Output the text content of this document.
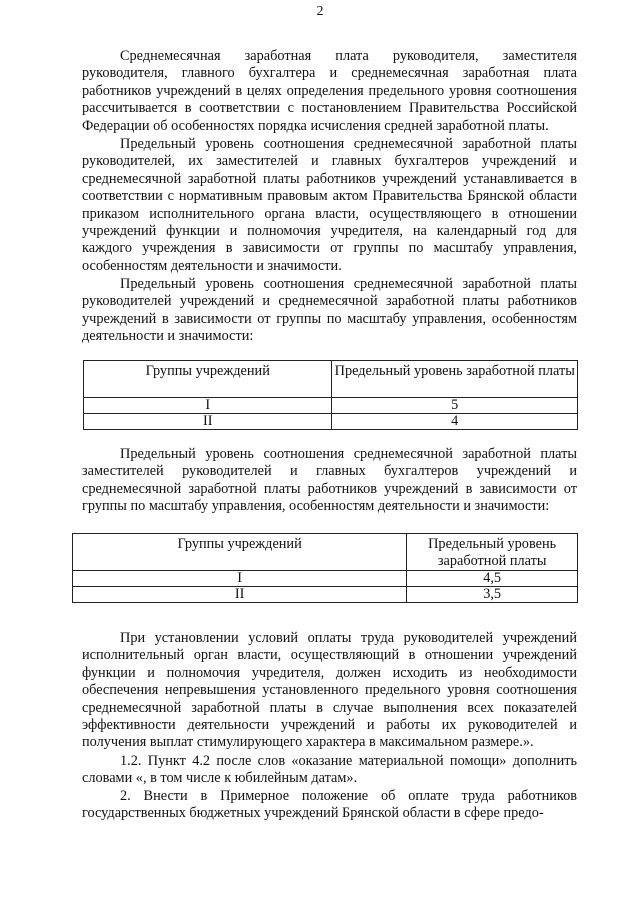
2

Среднемесячная заработная плата руководителя, заместителя руководителя, главного бухгалтера и среднемесячная заработная плата работников учреждений в целях определения предельного уровня соотношения рассчитывается в соответствии с постановлением Правительства Российской Федерации об особенностях порядка исчисления средней заработной платы.

Предельный уровень соотношения среднемесячной заработной платы руководителей, их заместителей и главных бухгалтеров учреждений и среднемесячной заработной платы работников учреждений устанавливается в соответствии с нормативным правовым актом Правительства Брянской области приказом исполнительного органа власти, осуществляющего в отношении учреждений функции и полномочия учредителя, на календарный год для каждого учреждения в зависимости от группы по масштабу управления, особенностям деятельности и значимости.

Предельный уровень соотношения среднемесячной заработной платы руководителей учреждений и среднемесячной заработной платы работников учреждений в зависимости от группы по масштабу управления, особенностям деятельности и значимости:

Группы учреждений	Предельный уровень заработной платы
I	5
II	4

Предельный уровень соотношения среднемесячной заработной платы заместителей руководителей и главных бухгалтеров учреждений и среднемесячной заработной платы работников учреждений в зависимости от группы по масштабу управления, особенностям деятельности и значимости:

Группы учреждений	Предельный уровень заработной платы
I	4,5
II	3,5

При установлении условий оплаты труда руководителей учреждений исполнительный орган власти, осуществляющий в отношении учреждений функции и полномочия учредителя, должен исходить из необходимости обеспечения непревышения установленного предельного уровня соотношения среднемесячной заработной платы в случае выполнения всех показателей эффективности деятельности учреждений и работы их руководителей и получения выплат стимулирующего характера в максимальном размере.».

1.2. Пункт 4.2 после слов «оказание материальной помощи» дополнить словами «, в том числе к юбилейным датам».

2. Внести в Примерное положение об оплате труда работников государственных бюджетных учреждений Брянской области в сфере предо-
